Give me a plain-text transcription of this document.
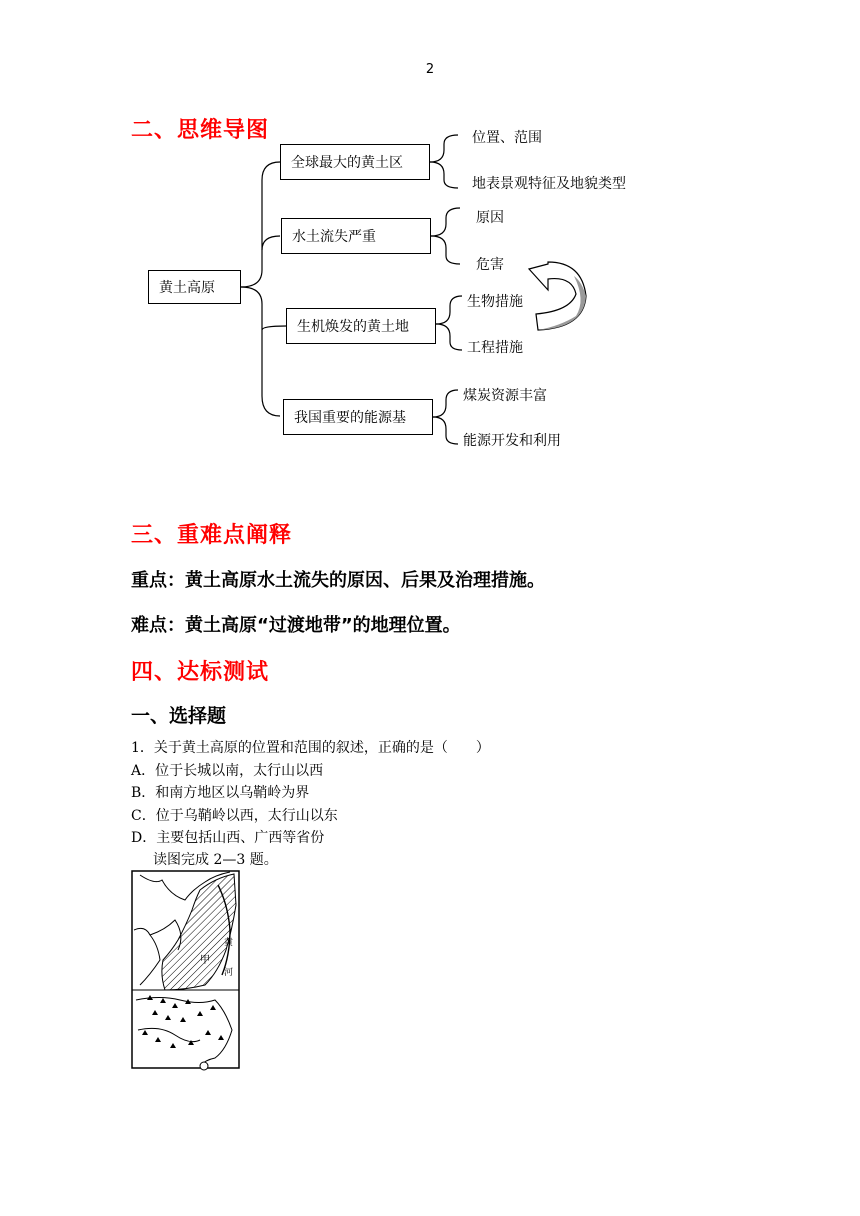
2
二、思维导图
黄土高原
全球最大的黄土区
水土流失严重
生机焕发的黄土地
我国重要的能源基
位置、范围
地表景观特征及地貌类型
原因
危害
生物措施
工程措施
煤炭资源丰富
能源开发和利用
三、重难点阐释
重点：黄土高原水土流失的原因、后果及治理措施。
难点：黄土高原“过渡地带”的地理位置。
四、达标测试
一、选择题
1．关于黄土高原的位置和范围的叙述，正确的是（　　）
A．位于长城以南，太行山以西
B．和南方地区以乌鞘岭为界
C．位于乌鞘岭以西，太行山以东
D．主要包括山西、广西等省份
读图完成 2—3 题。
甲
黄
河
